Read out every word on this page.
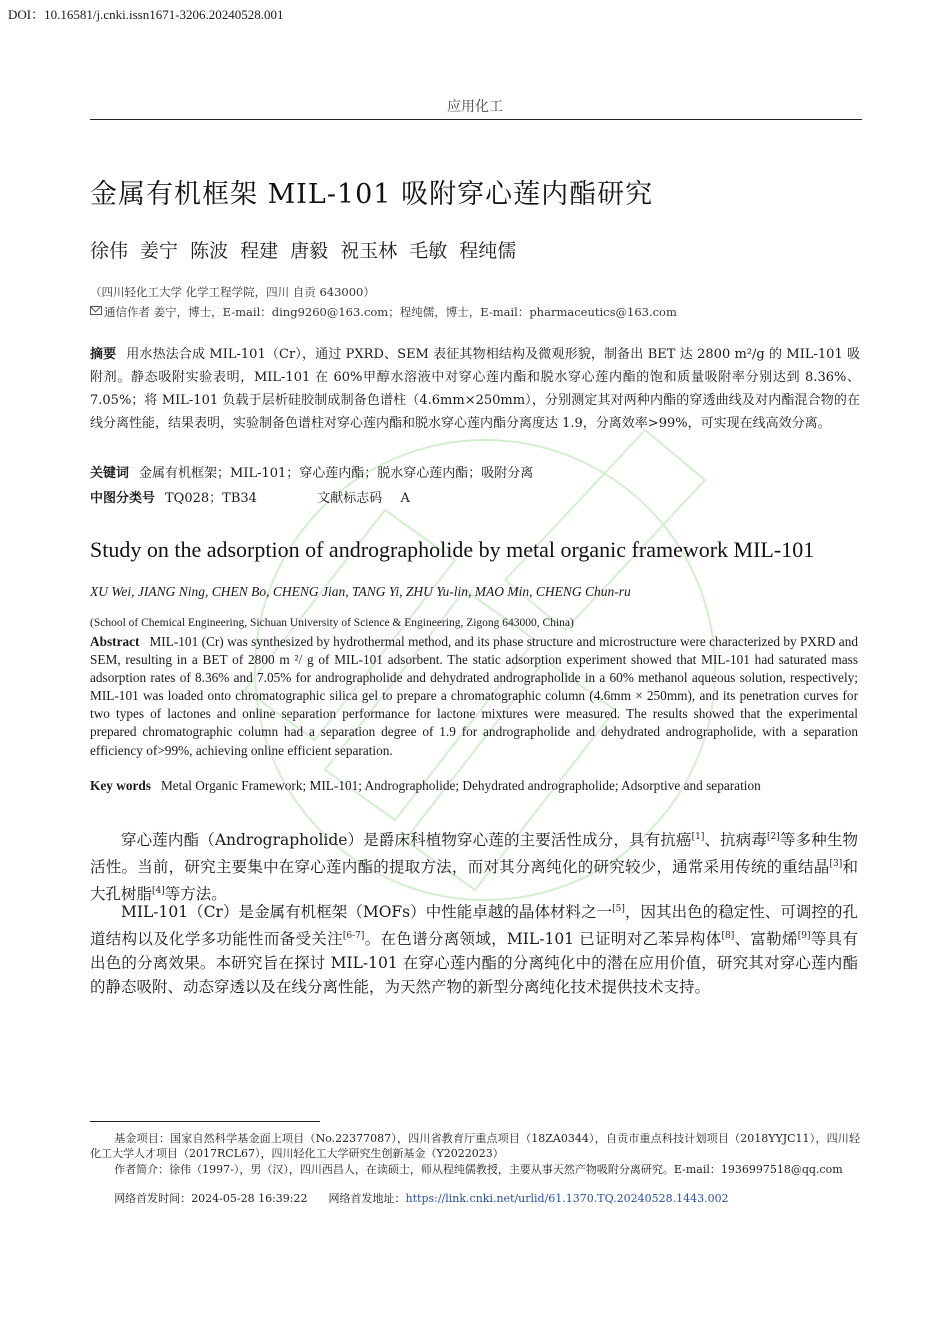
DOI：10.16581/j.cnki.issn1671-3206.20240528.001
应用化工
金属有机框架 MIL-101 吸附穿心莲内酯研究
徐伟 姜宁 陈波 程建 唐毅 祝玉林 毛敏 程纯儒
（四川轻化工大学 化学工程学院，四川 自贡 643000）
通信作者 姜宁，博士，E-mail：ding9260@163.com；程纯儒，博士，E-mail：pharmaceutics@163.com
摘要 用水热法合成 MIL-101（Cr），通过 PXRD、SEM 表征其物相结构及微观形貌，制备出 BET 达 2800 m²/g 的 MIL-101 吸附剂。静态吸附实验表明，MIL-101 在 60%甲醇水溶液中对穿心莲内酯和脱水穿心莲内酯的饱和质量吸附率分别达到 8.36%、7.05%；将 MIL-101 负载于层析硅胶制成制备色谱柱（4.6mm×250mm），分别测定其对两种内酯的穿透曲线及对内酯混合物的在线分离性能，结果表明，实验制备色谱柱对穿心莲内酯和脱水穿心莲内酯分离度达 1.9，分离效率>99%，可实现在线高效分离。
关键词 金属有机框架；MIL-101；穿心莲内酯；脱水穿心莲内酯；吸附分离
中图分类号 TQ028；TB34	文献标志码 A
Study on the adsorption of andrographolide by metal organic framework MIL-101
XU Wei, JIANG Ning, CHEN Bo, CHENG Jian, TANG Yi, ZHU Yu-lin, MAO Min, CHENG Chun-ru
(School of Chemical Engineering, Sichuan University of Science & Engineering, Zigong 643000, China)
Abstract MIL-101 (Cr) was synthesized by hydrothermal method, and its phase structure and microstructure were characterized by PXRD and SEM, resulting in a BET of 2800 m ²/ g of MIL-101 adsorbent. The static adsorption experiment showed that MIL-101 had saturated mass adsorption rates of 8.36% and 7.05% for andrographolide and dehydrated andrographolide in a 60% methanol aqueous solution, respectively; MIL-101 was loaded onto chromatographic silica gel to prepare a chromatographic column (4.6mm × 250mm), and its penetration curves for two types of lactones and online separation performance for lactone mixtures were measured. The results showed that the experimental prepared chromatographic column had a separation degree of 1.9 for andrographolide and dehydrated andrographolide, with a separation efficiency of>99%, achieving online efficient separation.
Key words Metal Organic Framework; MIL-101; Andrographolide; Dehydrated andrographolide; Adsorptive and separation
穿心莲内酯（Andrographolide）是爵床科植物穿心莲的主要活性成分，具有抗癌[1]、抗病毒[2]等多种生物活性。当前，研究主要集中在穿心莲内酯的提取方法，而对其分离纯化的研究较少，通常采用传统的重结晶[3]和大孔树脂[4]等方法。
MIL-101（Cr）是金属有机框架（MOFs）中性能卓越的晶体材料之一[5]，因其出色的稳定性、可调控的孔道结构以及化学多功能性而备受关注[6-7]。在色谱分离领域，MIL-101 已证明对乙苯异构体[8]、富勒烯[9]等具有出色的分离效果。本研究旨在探讨 MIL-101 在穿心莲内酯的分离纯化中的潜在应用价值，研究其对穿心莲内酯的静态吸附、动态穿透以及在线分离性能，为天然产物的新型分离纯化技术提供技术支持。
基金项目：国家自然科学基金面上项目（No.22377087），四川省教育厅重点项目（18ZA0344），自贡市重点科技计划项目（2018YYJC11），四川轻化工大学人才项目（2017RCL67），四川轻化工大学研究生创新基金（Y2022023）
作者简介：徐伟（1997-），男（汉），四川西昌人，在读硕士，师从程纯儒教授，主要从事天然产物吸附分离研究。E-mail：1936997518@qq.com
网络首发时间：2024-05-28 16:39:22 网络首发地址：https://link.cnki.net/urlid/61.1370.TQ.20240528.1443.002
